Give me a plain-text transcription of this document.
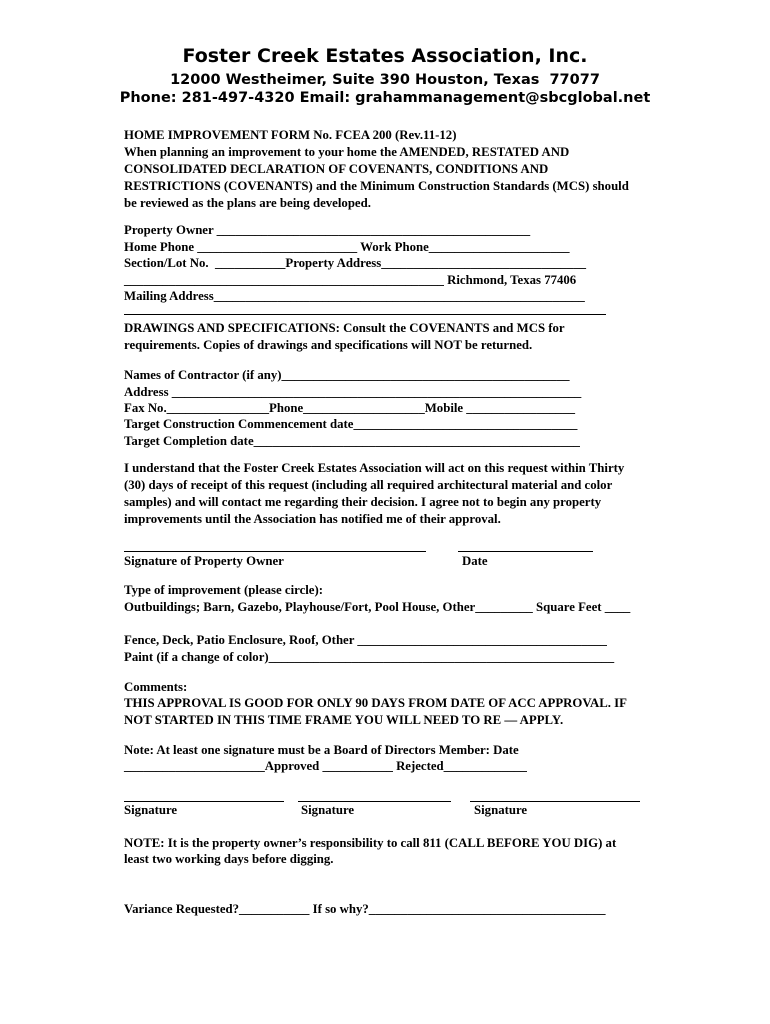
Foster Creek Estates Association, Inc.
12000 Westheimer, Suite 390 Houston, Texas  77077
Phone: 281-497-4320 Email: grahammanagement@sbcglobal.net
HOME IMPROVEMENT FORM No. FCEA 200 (Rev.11-12)
When planning an improvement to your home the AMENDED, RESTATED AND
CONSOLIDATED DECLARATION OF COVENANTS, CONDITIONS AND
RESTRICTIONS (COVENANTS) and the Minimum Construction Standards (MCS) should
be reviewed as the plans are being developed.
Property Owner _________________________________________________
Home Phone _________________________ Work Phone______________________
Section/Lot No.  ___________Property Address________________________________
__________________________________________________ Richmond, Texas 77406
Mailing Address__________________________________________________________
DRAWINGS AND SPECIFICATIONS: Consult the COVENANTS and MCS for
requirements. Copies of drawings and specifications will NOT be returned.
Names of Contractor (if any)_____________________________________________
Address ________________________________________________________________
Fax No.________________Phone___________________Mobile _________________
Target Construction Commencement date___________________________________
Target Completion date___________________________________________________
I understand that the Foster Creek Estates Association will act on this request within Thirty
(30) days of receipt of this request (including all required architectural material and color
samples) and will contact me regarding their decision. I agree not to begin any property
improvements until the Association has notified me of their approval.
Signature of Property Owner	Date
Type of improvement (please circle):
Outbuildings; Barn, Gazebo, Playhouse/Fort, Pool House, Other_________ Square Feet ____
Fence, Deck, Patio Enclosure, Roof, Other _______________________________________
Paint (if a change of color)______________________________________________________
Comments:
THIS APPROVAL IS GOOD FOR ONLY 90 DAYS FROM DATE OF ACC APPROVAL. IF
NOT STARTED IN THIS TIME FRAME YOU WILL NEED TO RE — APPLY.
Note: At least one signature must be a Board of Directors Member: Date
______________________Approved ___________ Rejected_____________
Signature	Signature	Signature
NOTE: It is the property owner’s responsibility to call 811 (CALL BEFORE YOU DIG) at
least two working days before digging.
Variance Requested?___________ If so why?_____________________________________
